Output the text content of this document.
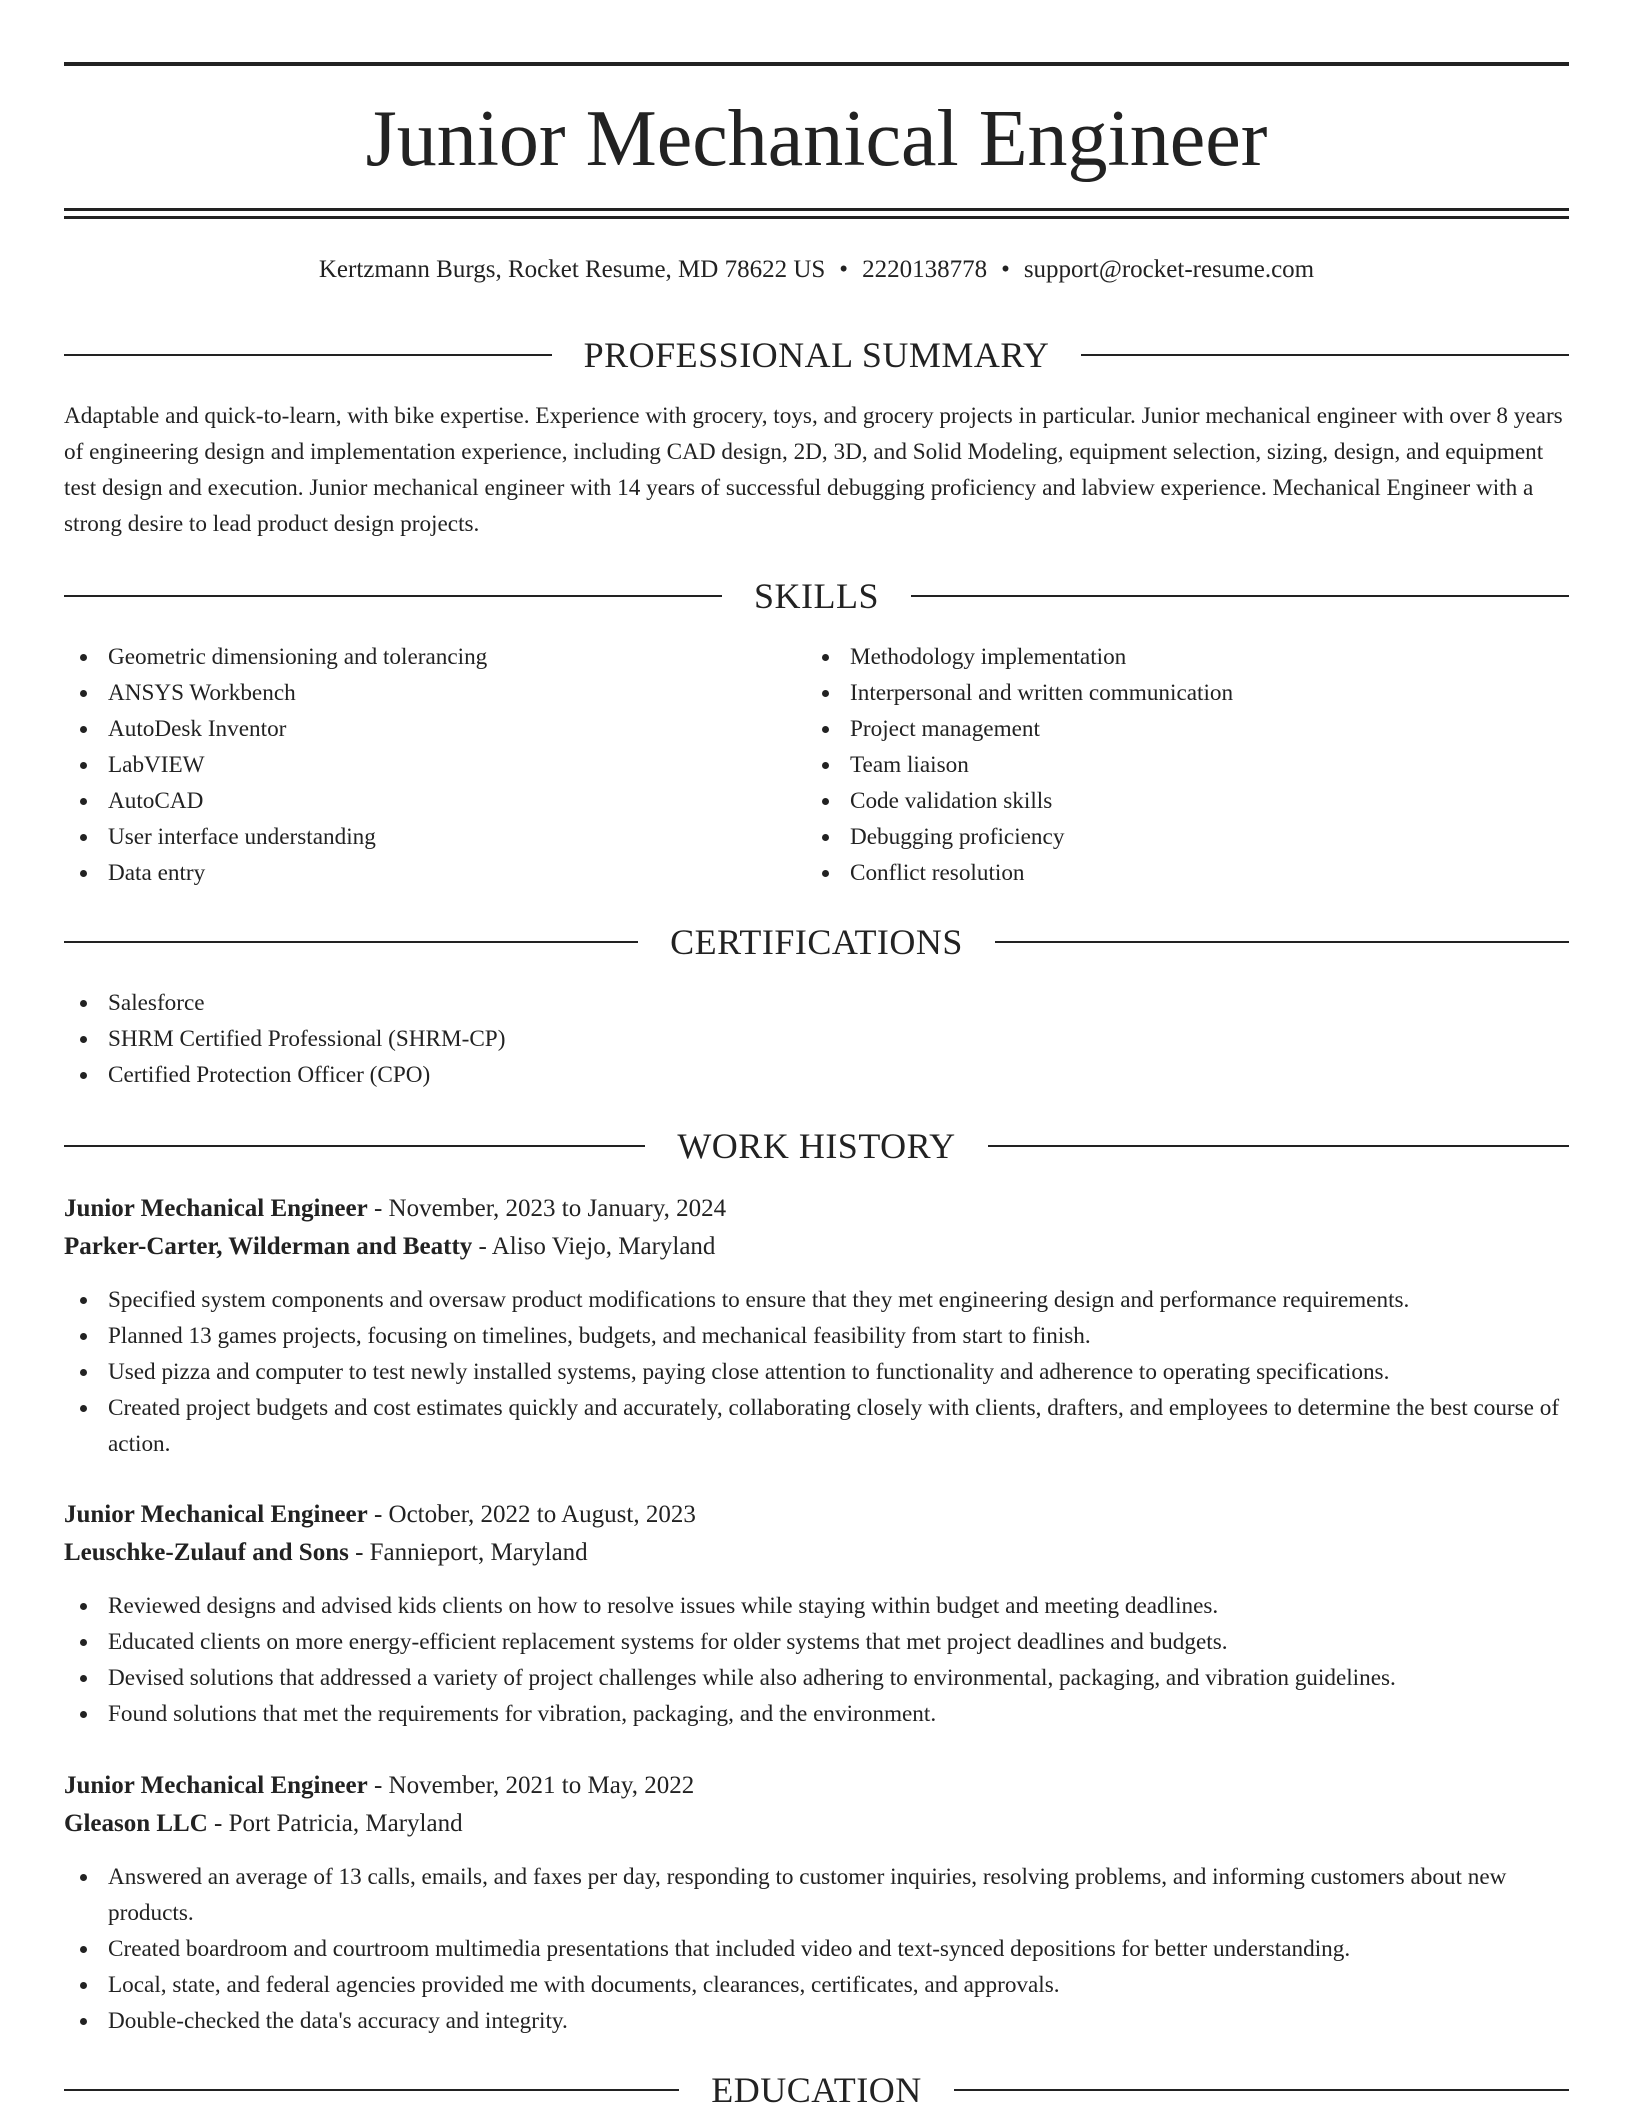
Junior Mechanical Engineer
Kertzmann Burgs, Rocket Resume, MD 78622 US • 2220138778 • support@rocket-resume.com
PROFESSIONAL SUMMARY

Adaptable and quick-to-learn, with bike expertise. Experience with grocery, toys, and grocery projects in particular. Junior mechanical engineer with over 8 years of engineering design and implementation experience, including CAD design, 2D, 3D, and Solid Modeling, equipment selection, sizing, design, and equipment test design and execution. Junior mechanical engineer with 14 years of successful debugging proficiency and labview experience. Mechanical Engineer with a strong desire to lead product design projects.

SKILLS
Geometric dimensioning and tolerancing
ANSYS Workbench
AutoDesk Inventor
LabVIEW
AutoCAD
User interface understanding
Data entry
Methodology implementation
Interpersonal and written communication
Project management
Team liaison
Code validation skills
Debugging proficiency
Conflict resolution
CERTIFICATIONS
Salesforce
SHRM Certified Professional (SHRM-CP)
Certified Protection Officer (CPO)
WORK HISTORY
Junior Mechanical Engineer - November, 2023 to January, 2024
Parker-Carter, Wilderman and Beatty - Aliso Viejo, Maryland
Specified system components and oversaw product modifications to ensure that they met engineering design and performance requirements.
Planned 13 games projects, focusing on timelines, budgets, and mechanical feasibility from start to finish.
Used pizza and computer to test newly installed systems, paying close attention to functionality and adherence to operating specifications.
Created project budgets and cost estimates quickly and accurately, collaborating closely with clients, drafters, and employees to determine the best course of action.
Junior Mechanical Engineer - October, 2022 to August, 2023
Leuschke-Zulauf and Sons - Fannieport, Maryland
Reviewed designs and advised kids clients on how to resolve issues while staying within budget and meeting deadlines.
Educated clients on more energy-efficient replacement systems for older systems that met project deadlines and budgets.
Devised solutions that addressed a variety of project challenges while also adhering to environmental, packaging, and vibration guidelines.
Found solutions that met the requirements for vibration, packaging, and the environment.
Junior Mechanical Engineer - November, 2021 to May, 2022
Gleason LLC - Port Patricia, Maryland
Answered an average of 13 calls, emails, and faxes per day, responding to customer inquiries, resolving problems, and informing customers about new products.
Created boardroom and courtroom multimedia presentations that included video and text-synced depositions for better understanding.
Local, state, and federal agencies provided me with documents, clearances, certificates, and approvals.
Double-checked the data's accuracy and integrity.
EDUCATION
